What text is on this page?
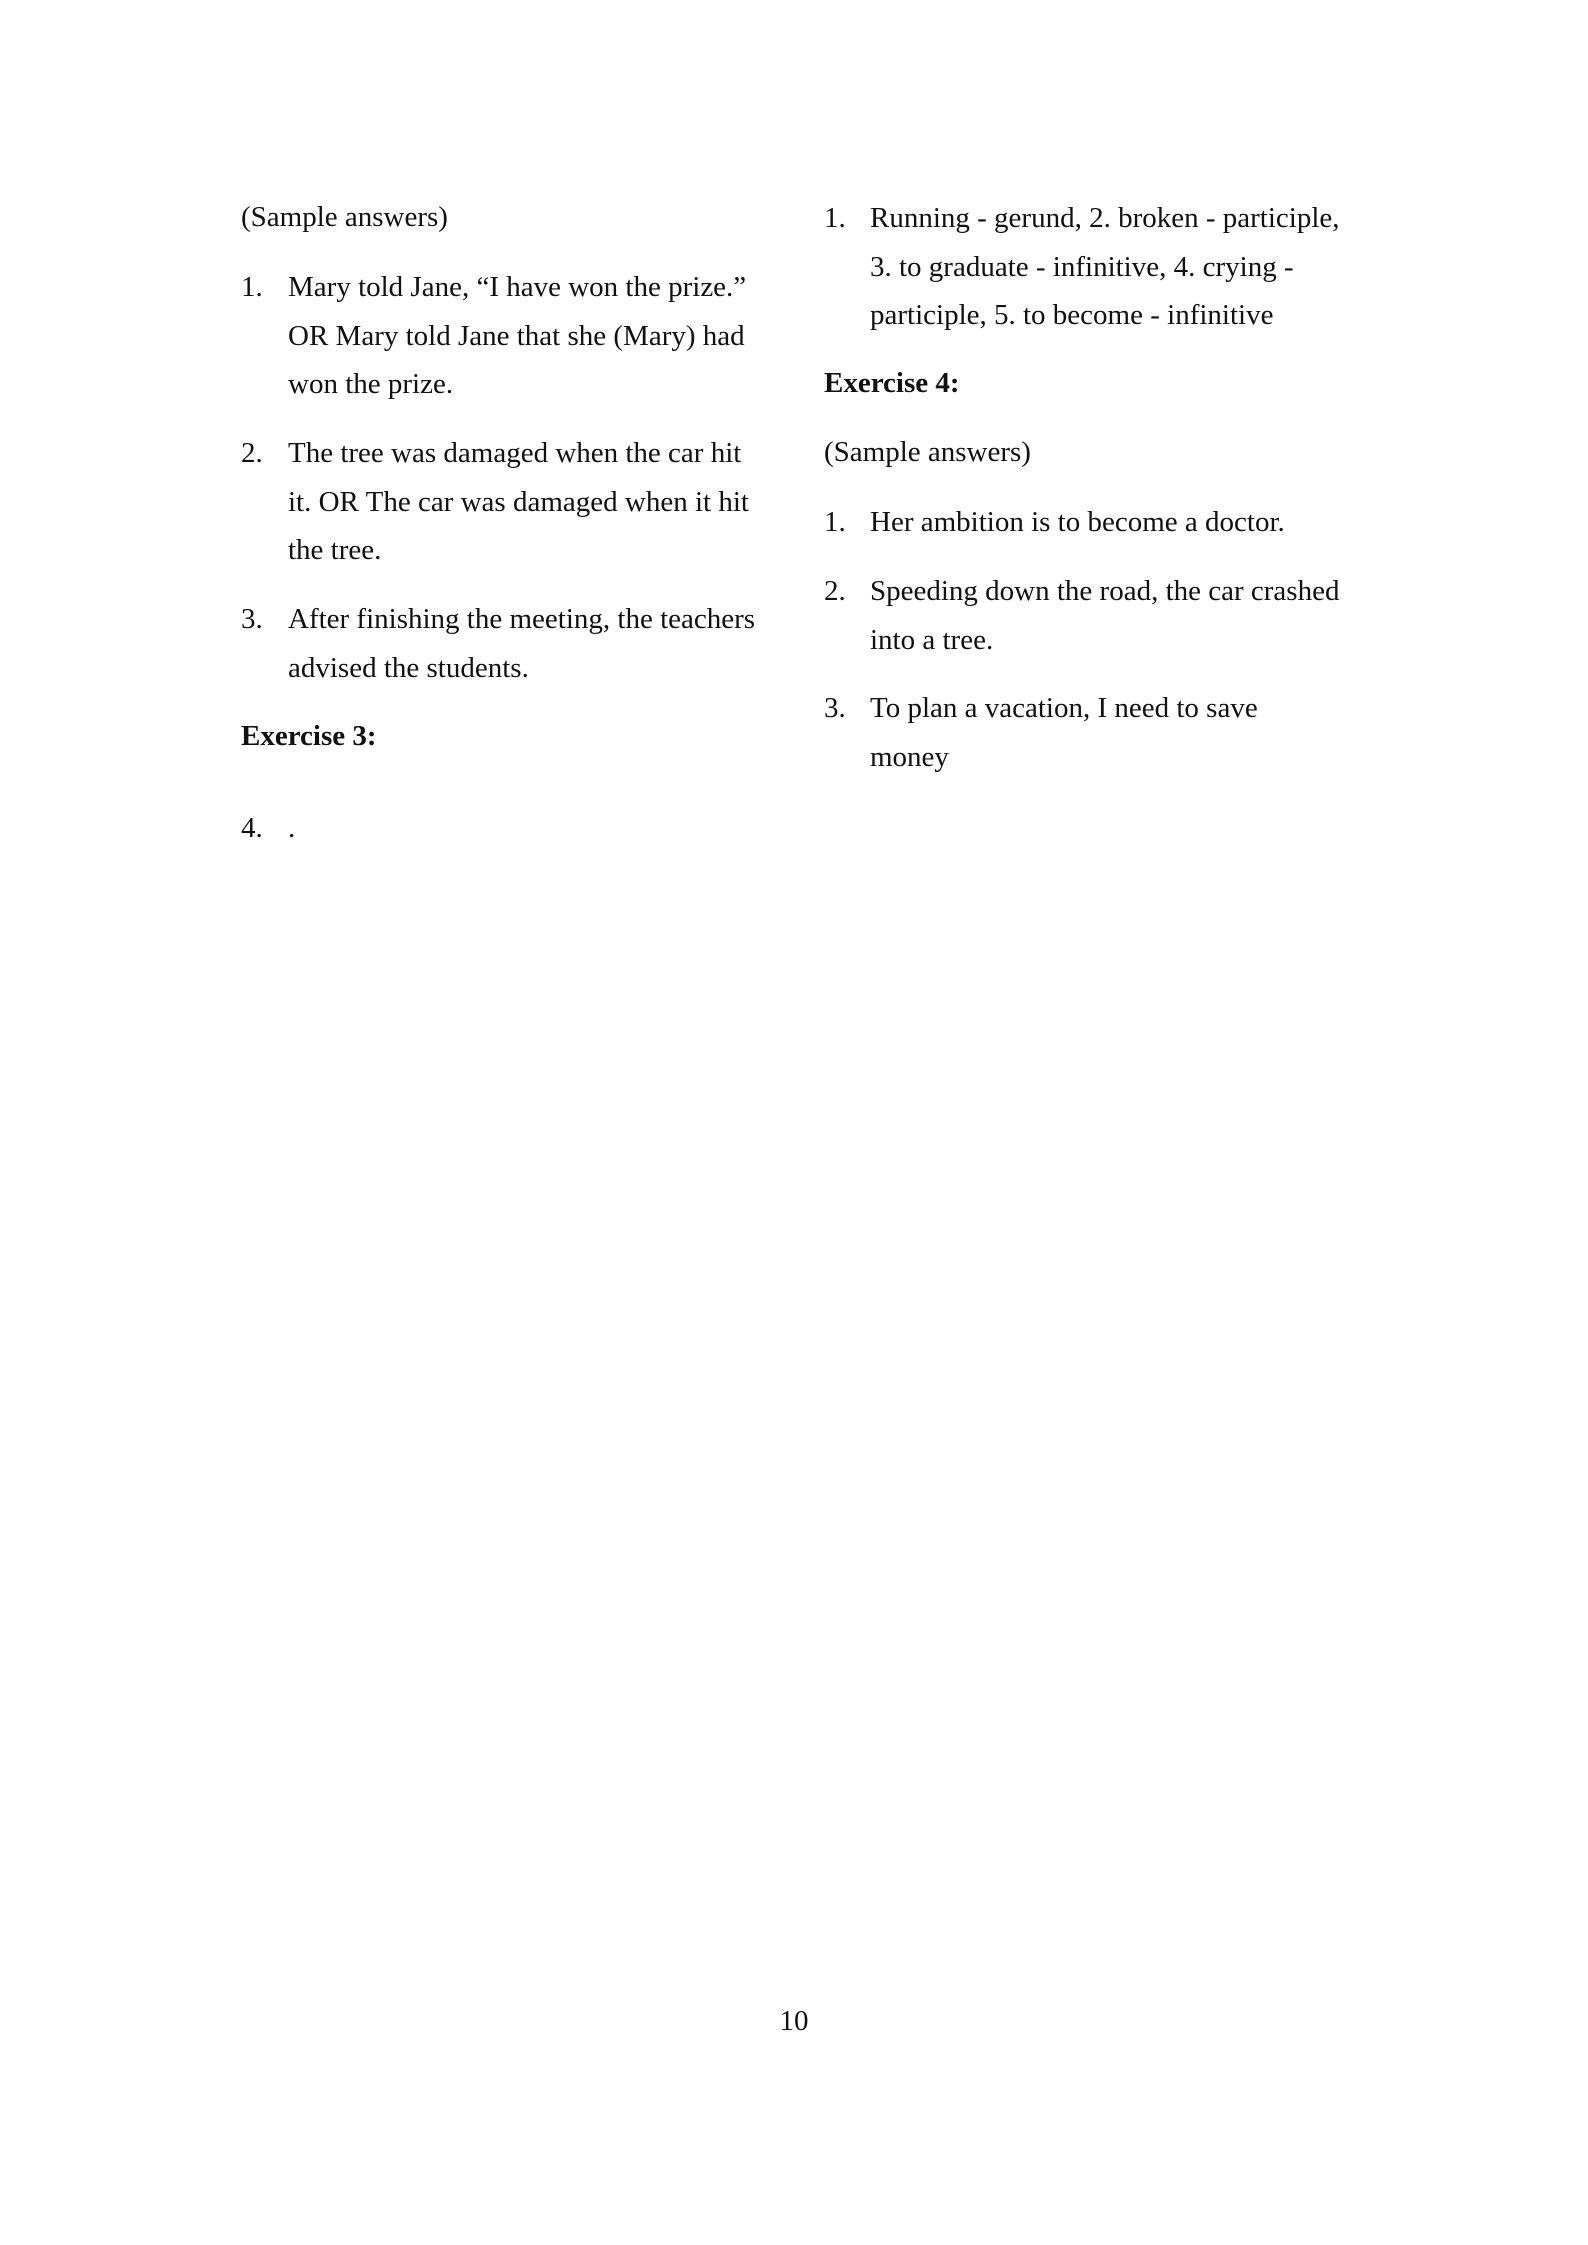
(Sample answers)
1. Mary told Jane, “I have won the prize.”
OR Mary told Jane that she (Mary) had
won the prize.
2. The tree was damaged when the car hit
it. OR The car was damaged when it hit
the tree.
3. After finishing the meeting, the teachers
advised the students.
Exercise 3:
4. .
1. Running - gerund, 2. broken - participle,
3. to graduate - infinitive, 4. crying -
participle, 5. to become - infinitive
Exercise 4:
(Sample answers)
1. Her ambition is to become a doctor.
2. Speeding down the road, the car crashed
into a tree.
3. To plan a vacation, I need to save
money
10
